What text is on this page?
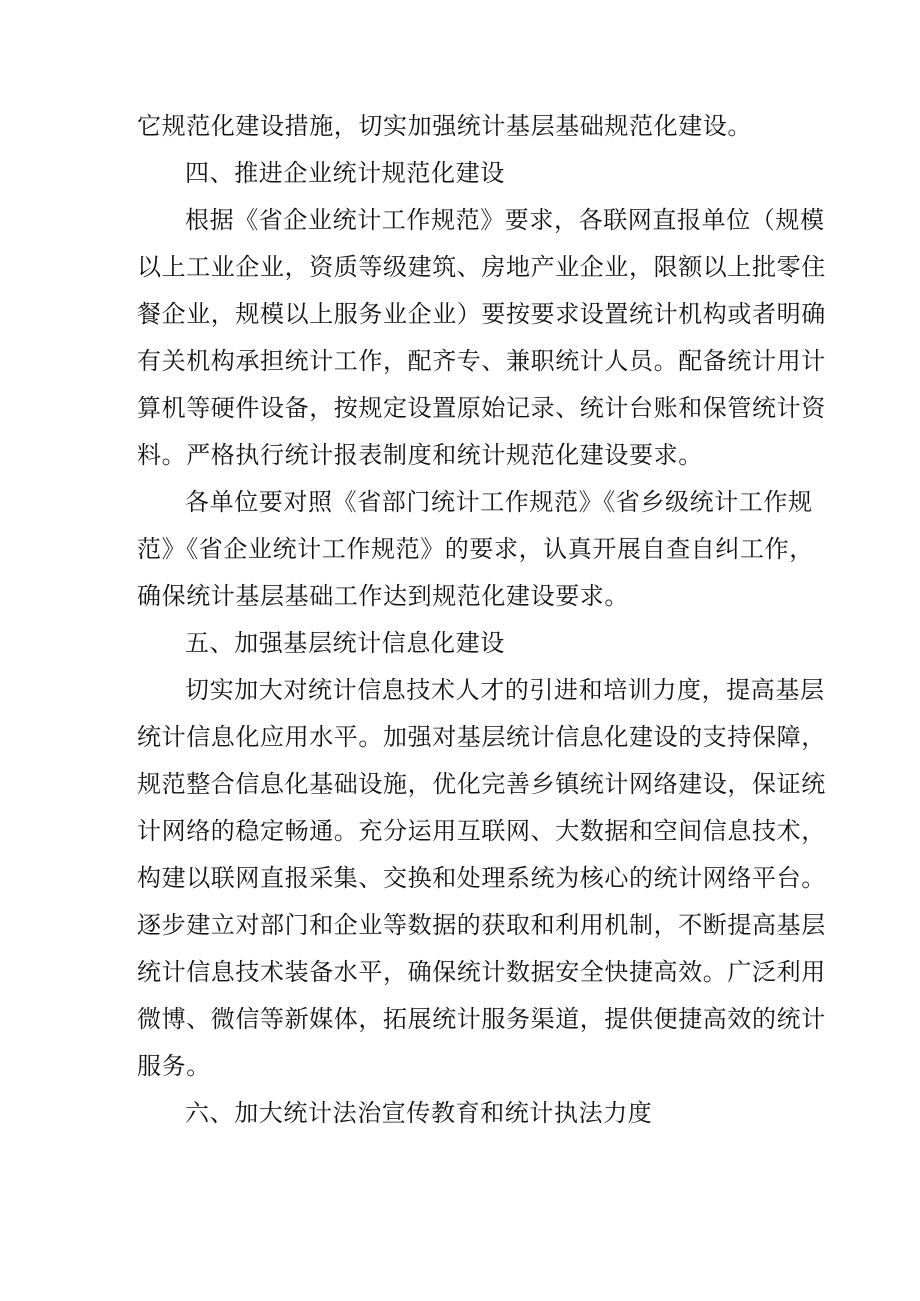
它规范化建设措施，切实加强统计基层基础规范化建设。
四、推进企业统计规范化建设
根据《省企业统计工作规范》要求，各联网直报单位（规模
以上工业企业，资质等级建筑、房地产业企业，限额以上批零住
餐企业，规模以上服务业企业）要按要求设置统计机构或者明确
有关机构承担统计工作，配齐专、兼职统计人员。配备统计用计
算机等硬件设备，按规定设置原始记录、统计台账和保管统计资
料。严格执行统计报表制度和统计规范化建设要求。
各单位要对照《省部门统计工作规范》《省乡级统计工作规
范》《省企业统计工作规范》的要求，认真开展自查自纠工作，
确保统计基层基础工作达到规范化建设要求。
五、加强基层统计信息化建设
切实加大对统计信息技术人才的引进和培训力度，提高基层
统计信息化应用水平。加强对基层统计信息化建设的支持保障，
规范整合信息化基础设施，优化完善乡镇统计网络建设，保证统
计网络的稳定畅通。充分运用互联网、大数据和空间信息技术，
构建以联网直报采集、交换和处理系统为核心的统计网络平台。
逐步建立对部门和企业等数据的获取和利用机制，不断提高基层
统计信息技术装备水平，确保统计数据安全快捷高效。广泛利用
微博、微信等新媒体，拓展统计服务渠道，提供便捷高效的统计
服务。
六、加大统计法治宣传教育和统计执法力度
